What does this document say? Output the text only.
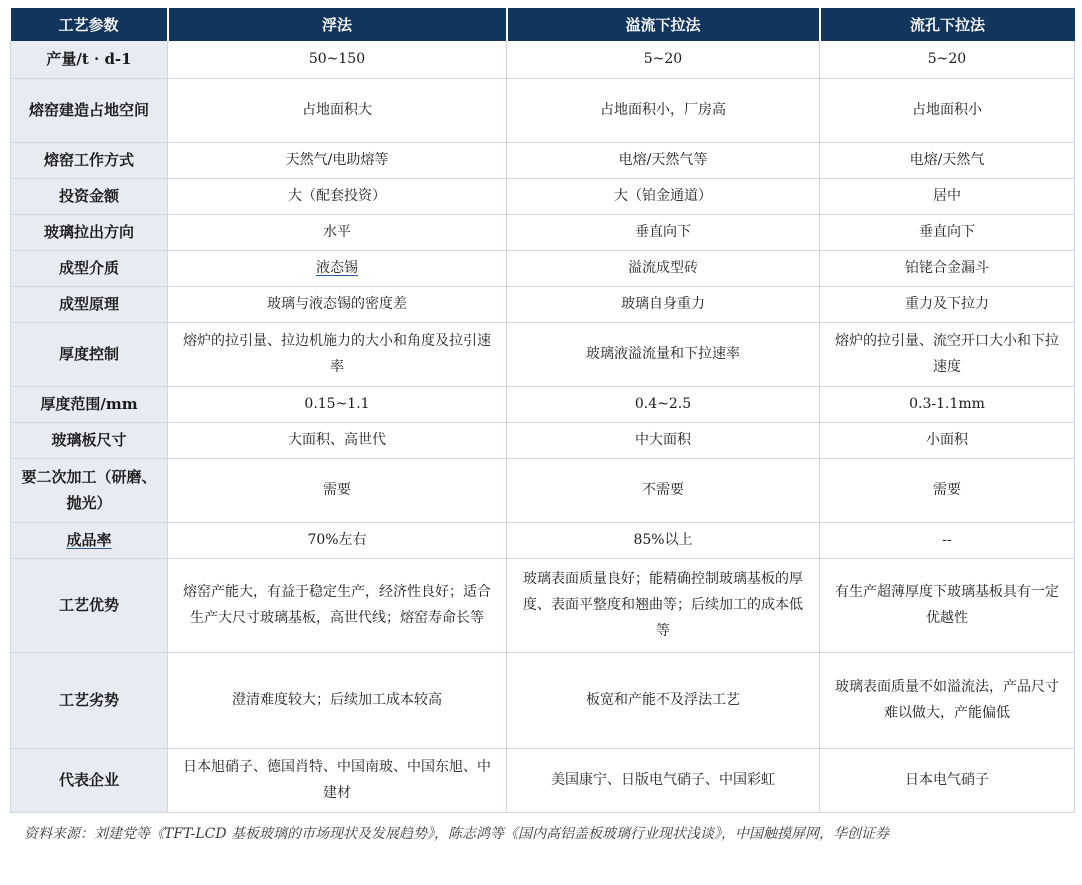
工艺参数	浮法	溢流下拉法	流孔下拉法
产量/t · d-1	50~150	5~20	5~20
熔窑建造占地空间	占地面积大	占地面积小，厂房高	占地面积小
熔窑工作方式	天然气/电助熔等	电熔/天然气等	电熔/天然气
投资金额	大（配套投资）	大（铂金通道）	居中
玻璃拉出方向	水平	垂直向下	垂直向下
成型介质	液态锡	溢流成型砖	铂铑合金漏斗
成型原理	玻璃与液态锡的密度差	玻璃自身重力	重力及下拉力
厚度控制	熔炉的拉引量、拉边机施力的大小和角度及拉引速率	玻璃液溢流量和下拉速率	熔炉的拉引量、流空开口大小和下拉速度
厚度范围/mm	0.15~1.1	0.4~2.5	0.3-1.1mm
玻璃板尺寸	大面积、高世代	中大面积	小面积
要二次加工（研磨、抛光）	需要	不需要	需要
成品率	70%左右	85%以上	--
工艺优势	熔窑产能大，有益于稳定生产，经济性良好；适合生产大尺寸玻璃基板，高世代线；熔窑寿命长等	玻璃表面质量良好；能精确控制玻璃基板的厚度、表面平整度和翘曲等；后续加工的成本低等	有生产超薄厚度下玻璃基板具有一定优越性
工艺劣势	澄清难度较大；后续加工成本较高	板宽和产能不及浮法工艺	玻璃表面质量不如溢流法，产品尺寸难以做大，产能偏低
代表企业	日本旭硝子、德国肖特、中国南玻、中国东旭、中建材	美国康宁、日版电气硝子、中国彩虹	日本电气硝子
资料来源：刘建党等《TFT-LCD 基板玻璃的市场现状及发展趋势》，陈志鸿等《国内高铝盖板玻璃行业现状浅谈》，中国触摸屏网，华创证券
